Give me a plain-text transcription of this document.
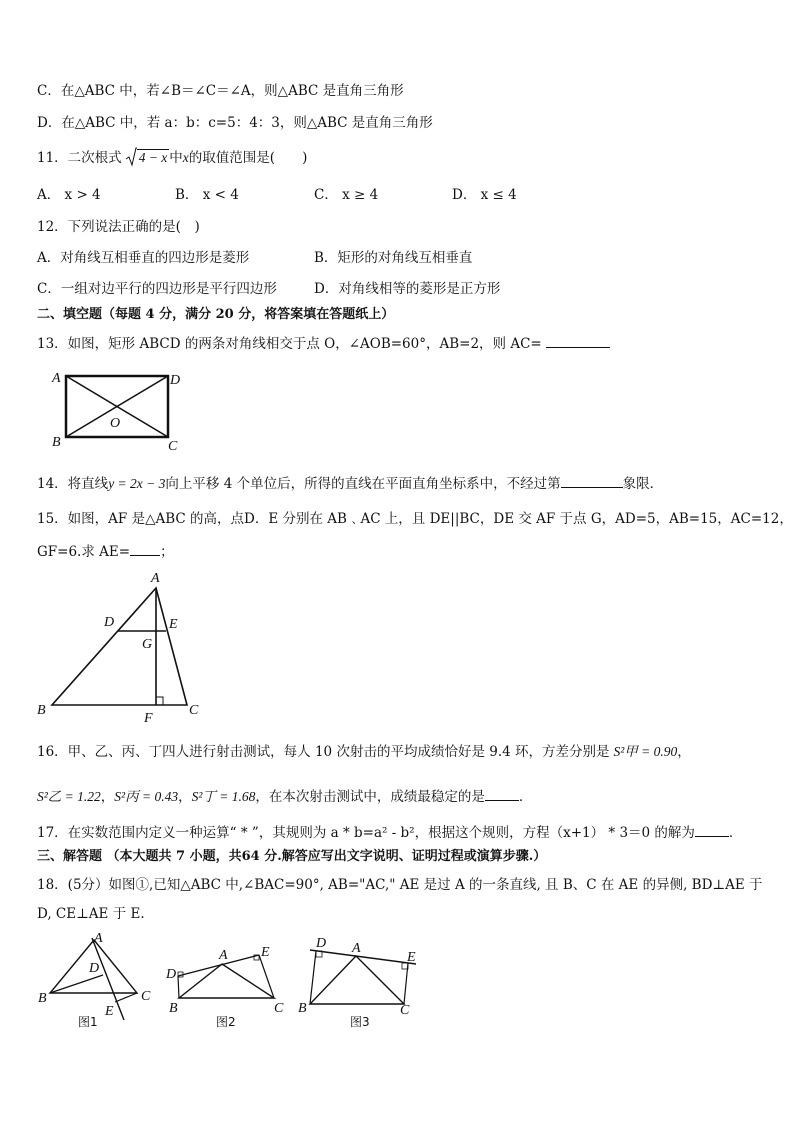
C．在△ABC 中，若∠B＝∠C＝∠A，则△ABC 是直角三角形
D．在△ABC 中，若 a：b：c=5：4：3，则△ABC 是直角三角形
11．二次根式 4 − x 中x的取值范围是(　　)
A． x > 4	B． x < 4	C． x ≥ 4	D． x ≤ 4
12．下列说法正确的是(　)
A．对角线互相垂直的四边形是菱形	B．矩形的对角线互相垂直
C．一组对边平行的四边形是平行四边形	D．对角线相等的菱形是正方形
二、填空题（每题 4 分，满分 20 分，将答案填在答题纸上）
13．如图，矩形 ABCD 的两条对角线相交于点 O，∠AOB=60°，AB=2，则 AC=
A	D
B	C
O
14．将直线y = 2x − 3向上平移 4 个单位后，所得的直线在平面直角坐标系中，不经过第	象限．
15．如图，AF 是△ABC 的高，点D．E 分别在 AB﹑AC 上，且 DE||BC，DE 交 AF 于点 G，AD=5，AB=15，AC=12，
GF=6.求 AE= ；
A
D	E
G
B	C
F
16．甲、乙、丙、丁四人进行射击测试，每人 10 次射击的平均成绩恰好是 9.4 环，方差分别是 S²甲 = 0.90，
S²乙 = 1.22，S²丙 = 0.43，S²丁 = 1.68，在本次射击测试中，成绩最稳定的是	．
17．在实数范围内定义一种运算“ * ”，其规则为 a * b=a² - b²，根据这个规则，方程（x+1） * 3＝0 的解为	．
三、解答题 （本大题共 7 小题，共64 分.解答应写出文字说明、证明过程或演算步骤.）
18．(5分）如图①,已知△ABC 中,∠BAC=90°, AB="AC," AE 是过 A 的一条直线, 且 B、C 在 AE 的异侧, BD⊥AE 于
D, CE⊥AE 于 E.
A
D
B	C
E
图1
A
D
E
B	C
图2
D A
E
B	C
图3
